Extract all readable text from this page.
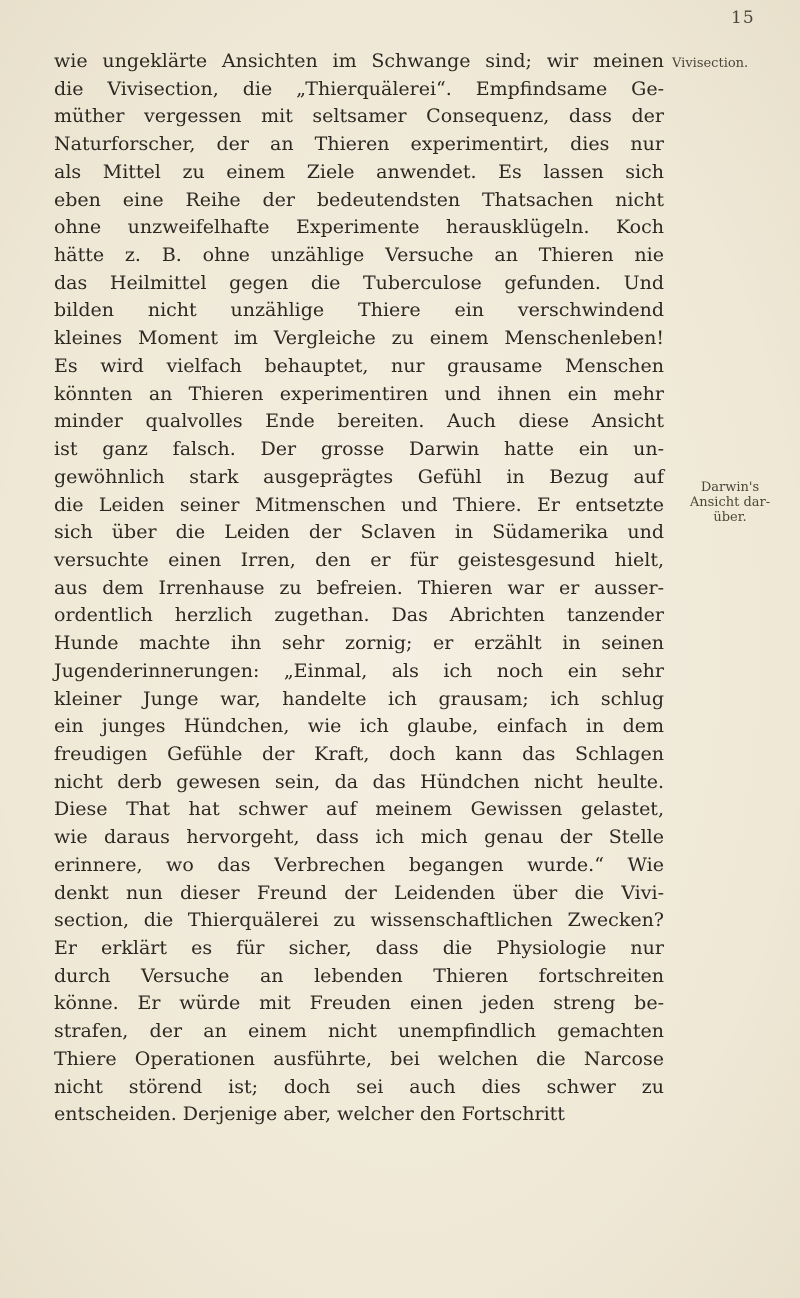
15
Vivisection.
Darwin's
Ansicht dar-
über.
wie ungeklärte Ansichten im Schwange sind; wir meinen
die Vivisection, die „Thierquälerei“. Empfindsame Ge-
müther vergessen mit seltsamer Consequenz, dass der
Naturforscher, der an Thieren experimentirt, dies nur
als Mittel zu einem Ziele anwendet. Es lassen sich
eben eine Reihe der bedeutendsten Thatsachen nicht
ohne unzweifelhafte Experimente herausklügeln. Koch
hätte z. B. ohne unzählige Versuche an Thieren nie
das Heilmittel gegen die Tuberculose gefunden. Und
bilden nicht unzählige Thiere ein verschwindend
kleines Moment im Vergleiche zu einem Menschenleben!
Es wird vielfach behauptet, nur grausame Menschen
könnten an Thieren experimentiren und ihnen ein mehr
minder qualvolles Ende bereiten. Auch diese Ansicht
ist ganz falsch. Der grosse Darwin hatte ein un-
gewöhnlich stark ausgeprägtes Gefühl in Bezug auf
die Leiden seiner Mitmenschen und Thiere. Er entsetzte
sich über die Leiden der Sclaven in Südamerika und
versuchte einen Irren, den er für geistesgesund hielt,
aus dem Irrenhause zu befreien. Thieren war er ausser-
ordentlich herzlich zugethan. Das Abrichten tanzender
Hunde machte ihn sehr zornig; er erzählt in seinen
Jugenderinnerungen: „Einmal, als ich noch ein sehr
kleiner Junge war, handelte ich grausam; ich schlug
ein junges Hündchen, wie ich glaube, einfach in dem
freudigen Gefühle der Kraft, doch kann das Schlagen
nicht derb gewesen sein, da das Hündchen nicht heulte.
Diese That hat schwer auf meinem Gewissen gelastet,
wie daraus hervorgeht, dass ich mich genau der Stelle
erinnere, wo das Verbrechen begangen wurde.“ Wie
denkt nun dieser Freund der Leidenden über die Vivi-
section, die Thierquälerei zu wissenschaftlichen Zwecken?
Er erklärt es für sicher, dass die Physiologie nur
durch Versuche an lebenden Thieren fortschreiten
könne. Er würde mit Freuden einen jeden streng be-
strafen, der an einem nicht unempfindlich gemachten
Thiere Operationen ausführte, bei welchen die Narcose
nicht störend ist; doch sei auch dies schwer zu
entscheiden. Derjenige aber, welcher den Fortschritt
